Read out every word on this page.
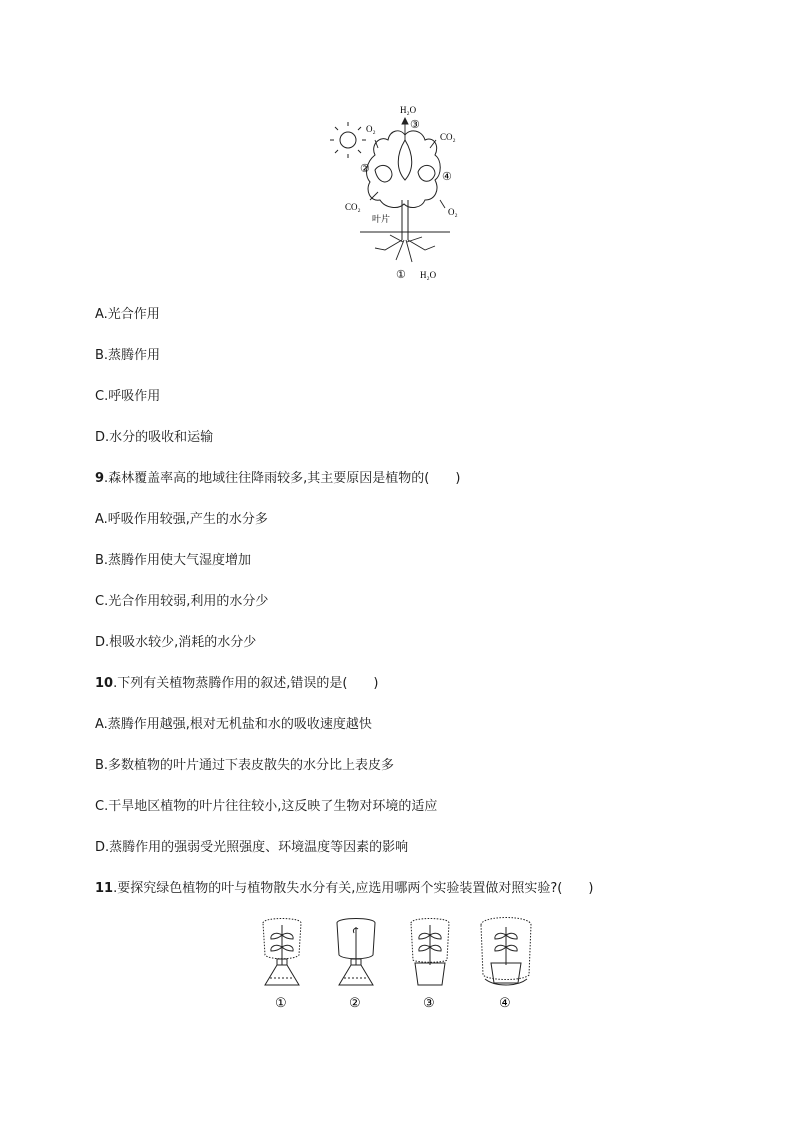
H₂O
③
O₂
CO₂
②
④
CO₂
叶片
O₂
① H₂O
A.光合作用
B.蒸腾作用
C.呼吸作用
D.水分的吸收和运输
9.森林覆盖率高的地域往往降雨较多,其主要原因是植物的(　　)
A.呼吸作用较强,产生的水分多
B.蒸腾作用使大气湿度增加
C.光合作用较弱,利用的水分少
D.根吸水较少,消耗的水分少
10.下列有关植物蒸腾作用的叙述,错误的是(　　)
A.蒸腾作用越强,根对无机盐和水的吸收速度越快
B.多数植物的叶片通过下表皮散失的水分比上表皮多
C.干旱地区植物的叶片往往较小,这反映了生物对环境的适应
D.蒸腾作用的强弱受光照强度、环境温度等因素的影响
11.要探究绿色植物的叶与植物散失水分有关,应选用哪两个实验装置做对照实验?(　　)
①	②	③	④
